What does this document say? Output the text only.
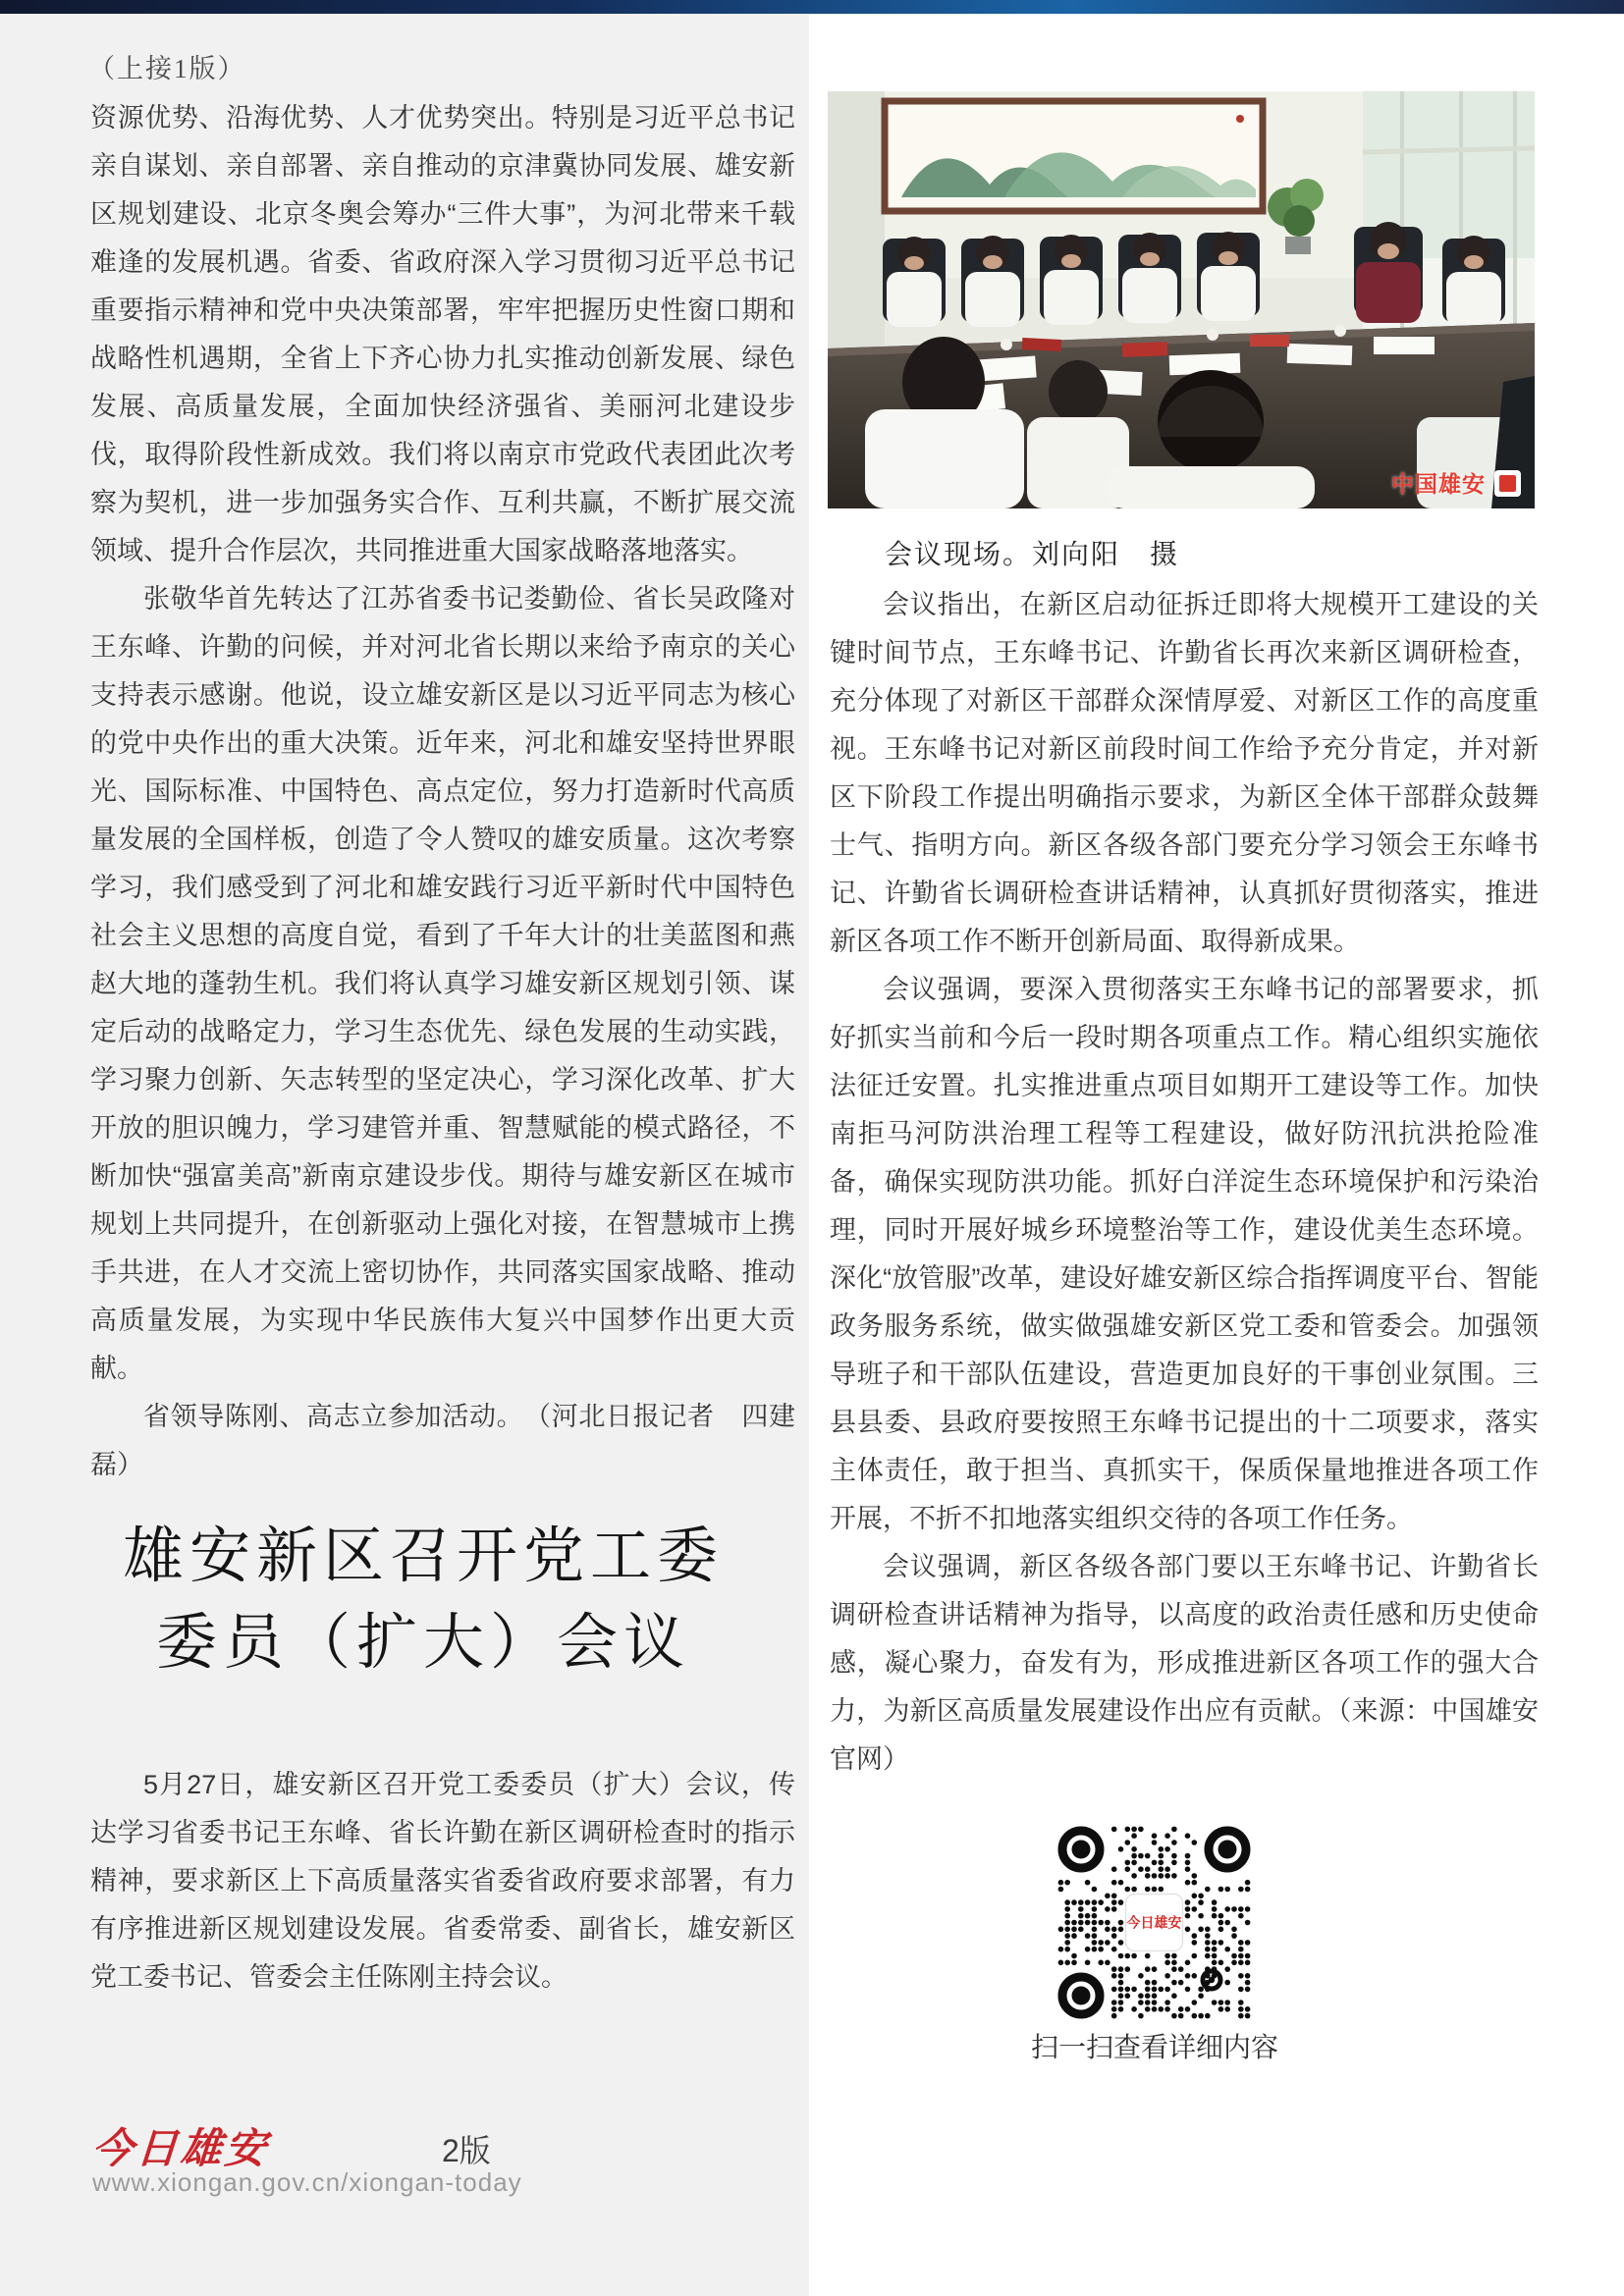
（上接1版）

资源优势、沿海优势、人才优势突出。特别是习近平总书记亲自谋划、亲自部署、亲自推动的京津冀协同发展、雄安新区规划建设、北京冬奥会筹办“三件大事”，为河北带来千载难逢的发展机遇。省委、省政府深入学习贯彻习近平总书记重要指示精神和党中央决策部署，牢牢把握历史性窗口期和战略性机遇期，全省上下齐心协力扎实推动创新发展、绿色发展、高质量发展，全面加快经济强省、美丽河北建设步伐，取得阶段性新成效。我们将以南京市党政代表团此次考察为契机，进一步加强务实合作、互利共赢，不断扩展交流领域、提升合作层次，共同推进重大国家战略落地落实。

张敬华首先转达了江苏省委书记娄勤俭、省长吴政隆对王东峰、许勤的问候，并对河北省长期以来给予南京的关心支持表示感谢。他说，设立雄安新区是以习近平同志为核心的党中央作出的重大决策。近年来，河北和雄安坚持世界眼光、国际标准、中国特色、高点定位，努力打造新时代高质量发展的全国样板，创造了令人赞叹的雄安质量。这次考察学习，我们感受到了河北和雄安践行习近平新时代中国特色社会主义思想的高度自觉，看到了千年大计的壮美蓝图和燕赵大地的蓬勃生机。我们将认真学习雄安新区规划引领、谋定后动的战略定力，学习生态优先、绿色发展的生动实践，学习聚力创新、矢志转型的坚定决心，学习深化改革、扩大开放的胆识魄力，学习建管并重、智慧赋能的模式路径，不断加快“强富美高”新南京建设步伐。期待与雄安新区在城市规划上共同提升，在创新驱动上强化对接，在智慧城市上携手共进，在人才交流上密切协作，共同落实国家战略、推动高质量发展，为实现中华民族伟大复兴中国梦作出更大贡献。

省领导陈刚、高志立参加活动。　（河北日报记者　四建磊）

雄安新区召开党工委
委员（扩大）会议
5月27日，雄安新区召开党工委委员（扩大）会议，传达学习省委书记王东峰、省长许勤在新区调研检查时的指示精神，要求新区上下高质量落实省委省政府要求部署，有力有序推进新区规划建设发展。省委常委、副省长，雄安新区党工委书记、管委会主任陈刚主持会议。
今日雄安	2版
www.xiongan.gov.cn/xiongan-today
中国雄安
会议现场。刘向阳　摄

会议指出，在新区启动征拆迁即将大规模开工建设的关键时间节点，王东峰书记、许勤省长再次来新区调研检查，充分体现了对新区干部群众深情厚爱、对新区工作的高度重视。王东峰书记对新区前段时间工作给予充分肯定，并对新区下阶段工作提出明确指示要求，为新区全体干部群众鼓舞士气、指明方向。新区各级各部门要充分学习领会王东峰书记、许勤省长调研检查讲话精神，认真抓好贯彻落实，推进新区各项工作不断开创新局面、取得新成果。

会议强调，要深入贯彻落实王东峰书记的部署要求，抓好抓实当前和今后一段时期各项重点工作。精心组织实施依法征迁安置。扎实推进重点项目如期开工建设等工作。加快南拒马河防洪治理工程等工程建设，做好防汛抗洪抢险准备，确保实现防洪功能。抓好白洋淀生态环境保护和污染治理，同时开展好城乡环境整治等工作，建设优美生态环境。深化“放管服”改革，建设好雄安新区综合指挥调度平台、智能政务服务系统，做实做强雄安新区党工委和管委会。加强领导班子和干部队伍建设，营造更加良好的干事创业氛围。三县县委、县政府要按照王东峰书记提出的十二项要求，落实主体责任，敢于担当、真抓实干，保质保量地推进各项工作开展，不折不扣地落实组织交待的各项工作任务。

会议强调，新区各级各部门要以王东峰书记、许勤省长调研检查讲话精神为指导，以高度的政治责任感和历史使命感，凝心聚力，奋发有为，形成推进新区各项工作的强大合力，为新区高质量发展建设作出应有贡献。（来源：中国雄安官网）

今日雄安
扫一扫查看详细内容
